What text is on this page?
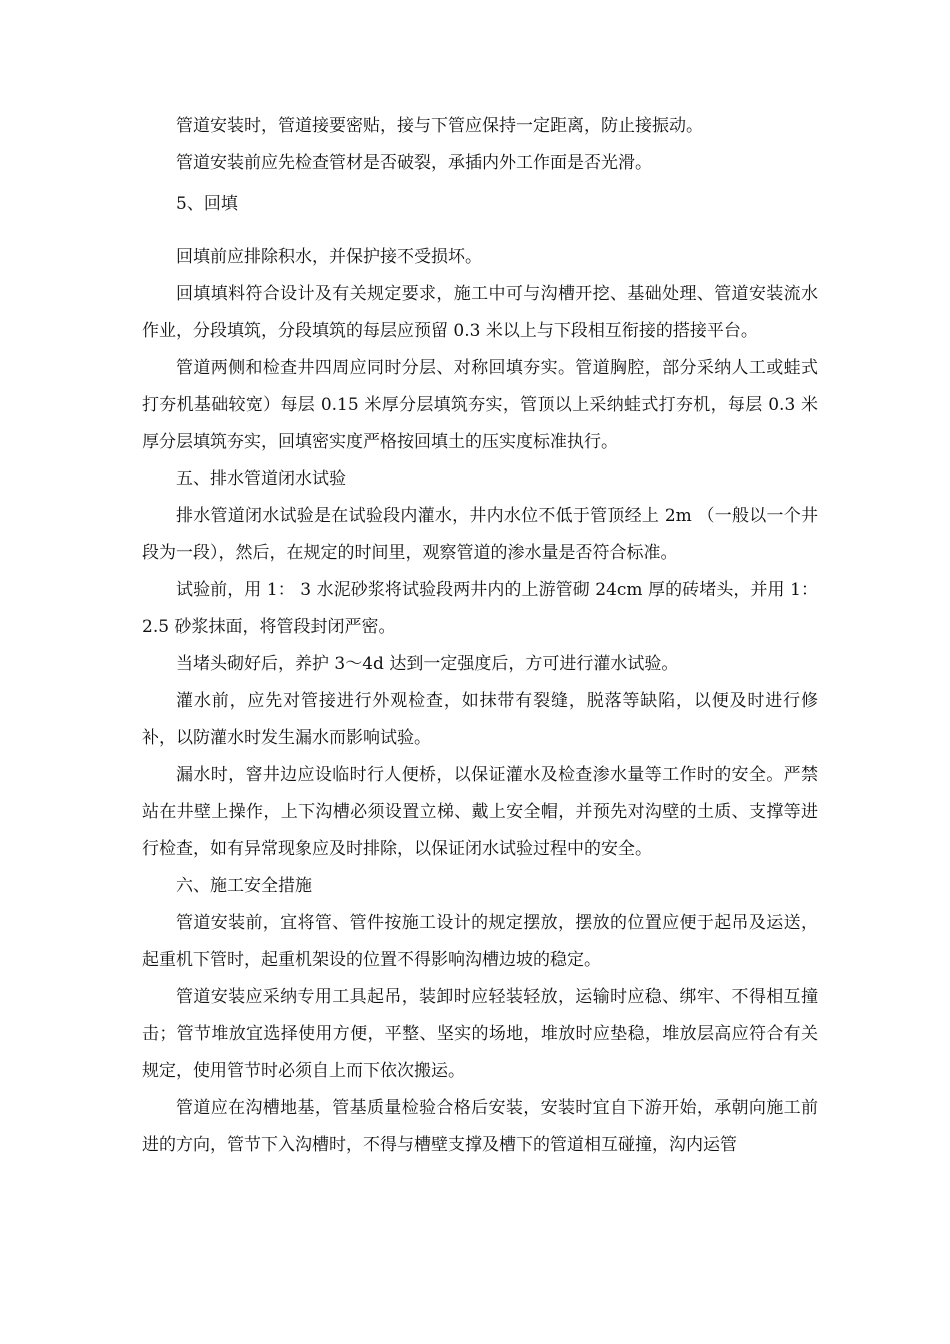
管道安装时，管道接要密贴，接与下管应保持一定距离，防止接振动。

管道安装前应先检查管材是否破裂，承插内外工作面是否光滑。

5、回填

回填前应排除积水，并保护接不受损坏。

回填填料符合设计及有关规定要求，施工中可与沟槽开挖、基础处理、管道安装流水作业，分段填筑，分段填筑的每层应预留 0.3 米以上与下段相互衔接的搭接平台。

管道两侧和检查井四周应同时分层、对称回填夯实。管道胸腔，部分采纳人工或蛙式打夯机基础较宽）每层 0.15 米厚分层填筑夯实，管顶以上采纳蛙式打夯机，每层 0.3 米厚分层填筑夯实，回填密实度严格按回填土的压实度标准执行。

五、排水管道闭水试验

排水管道闭水试验是在试验段内灌水，井内水位不低于管顶经上 2m （一般以一个井段为一段），然后，在规定的时间里，观察管道的渗水量是否符合标准。

试验前，用 1： 3 水泥砂浆将试验段两井内的上游管砌 24cm 厚的砖堵头，并用 1： 2.5 砂浆抹面，将管段封闭严密。

当堵头砌好后，养护 3〜4d 达到一定强度后，方可进行灌水试验。

灌水前，应先对管接进行外观检查，如抹带有裂缝，脱落等缺陷，以便及时进行修补，以防灌水时发生漏水而影响试验。

漏水时，窨井边应设临时行人便桥，以保证灌水及检查渗水量等工作时的安全。严禁站在井壁上操作，上下沟槽必须设置立梯、戴上安全帽，并预先对沟壁的土质、支撑等进行检查，如有异常现象应及时排除，以保证闭水试验过程中的安全。

六、施工安全措施

管道安装前，宜将管、管件按施工设计的规定摆放，摆放的位置应便于起吊及运送，起重机下管时，起重机架设的位置不得影响沟槽边坡的稳定。

管道安装应采纳专用工具起吊，装卸时应轻装轻放，运输时应稳、绑牢、不得相互撞击；管节堆放宜选择使用方便，平整、坚实的场地，堆放时应垫稳，堆放层高应符合有关规定，使用管节时必须自上而下依次搬运。

管道应在沟槽地基，管基质量检验合格后安装，安装时宜自下游开始，承朝向施工前进的方向，管节下入沟槽时，不得与槽壁支撑及槽下的管道相互碰撞，沟内运管
